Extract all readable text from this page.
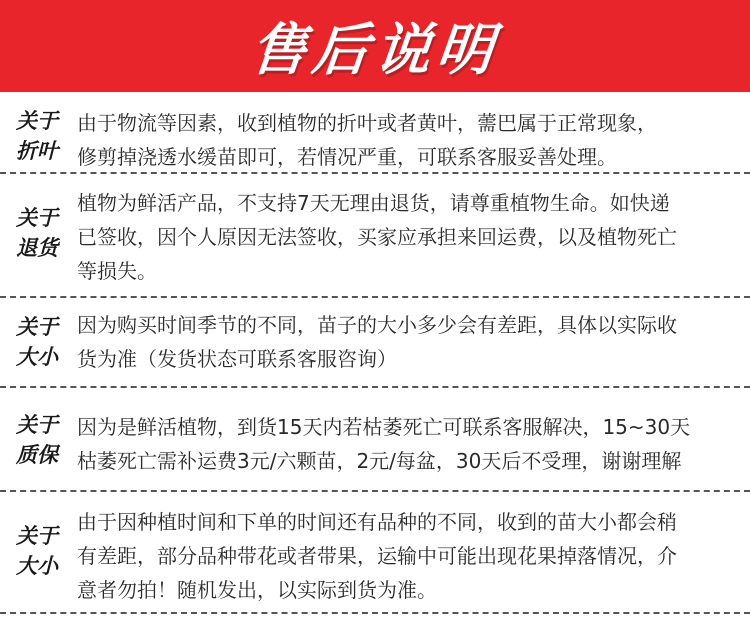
售后说明
关于
折叶
由于物流等因素，收到植物的折叶或者黄叶，薷巴属于正常现象，
修剪掉浇透水缓苗即可，若情况严重，可联系客服妥善处理。
关于
退货
植物为鲜活产品，不支持7天无理由退货，请尊重植物生命。如快递
已签收，因个人原因无法签收，买家应承担来回运费，以及植物死亡
等损失。
关于
大小
因为购买时间季节的不同，苗子的大小多少会有差距，具体以实际收
货为准（发货状态可联系客服咨询）
关于
质保
因为是鲜活植物，到货15天内若枯萎死亡可联系客服解决，15~30天
枯萎死亡需补运费3元/六颗苗，2元/每盆，30天后不受理，谢谢理解
关于
大小
由于因种植时间和下单的时间还有品种的不同，收到的苗大小都会稍
有差距，部分品种带花或者带果，运输中可能出现花果掉落情况，介
意者勿拍！随机发出，以实际到货为准。
